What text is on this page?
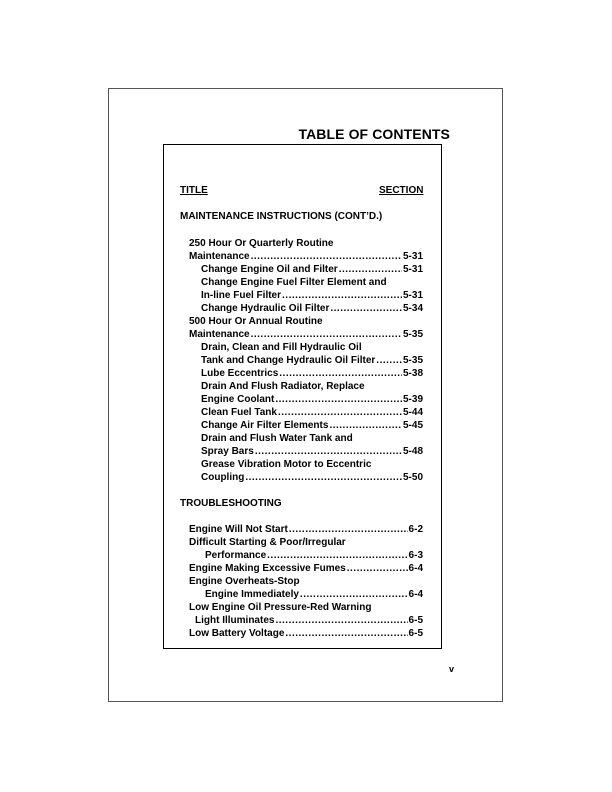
TABLE OF CONTENTS
TITLE	SECTION
MAINTENANCE INSTRUCTIONS (CONT’D.)
250 Hour Or Quarterly Routine
Maintenance .....	5-31
Change Engine Oil and Filter .....	5-31
Change Engine Fuel Filter Element and
In-line Fuel Filter .....	5-31
Change Hydraulic Oil Filter .....	5-34
500 Hour Or Annual Routine
Maintenance .....	5-35
Drain, Clean and Fill Hydraulic Oil
Tank and Change Hydraulic Oil Filter .....	5-35
Lube Eccentrics .....	5-38
Drain And Flush Radiator, Replace
Engine Coolant .....	5-39
Clean Fuel Tank .....	5-44
Change Air Filter Elements .....	5-45
Drain and Flush Water Tank and
Spray Bars .....	5-48
Grease Vibration Motor to Eccentric
Coupling .....	5-50
TROUBLESHOOTING
Engine Will Not Start .....	6-2
Difficult Starting & Poor/Irregular
Performance .....	6-3
Engine Making Excessive Fumes .....	6-4
Engine Overheats-Stop
Engine Immediately .....	6-4
Low Engine Oil Pressure-Red Warning
Light Illuminates .....	6-5
Low Battery Voltage .....	6-5
v
